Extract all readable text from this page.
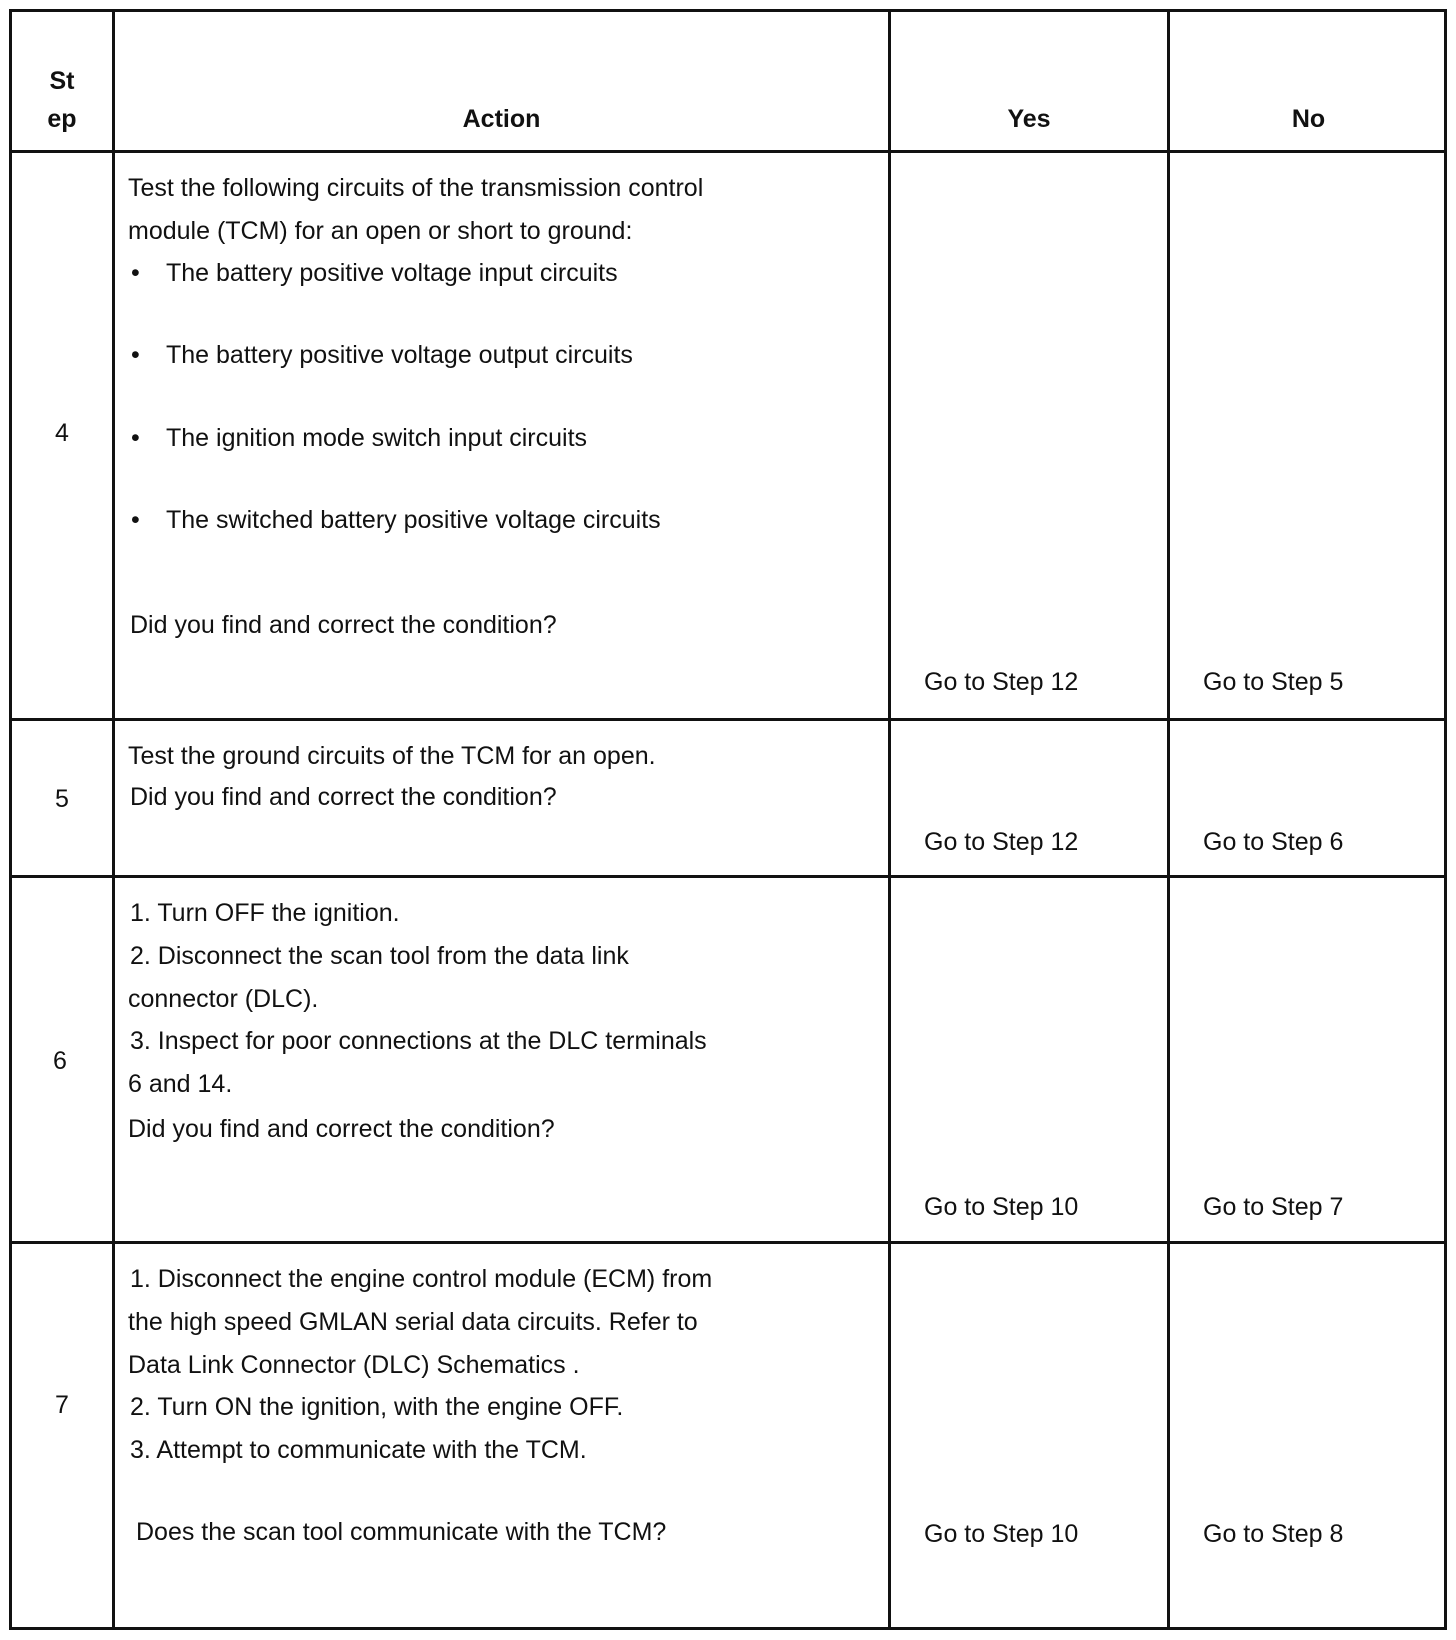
St
ep	Action	Yes	No
4
Test the following circuits of the transmission control
module (TCM) for an open or short to ground:
• The battery positive voltage input circuits
• The battery positive voltage output circuits
• The ignition mode switch input circuits
• The switched battery positive voltage circuits
Did you find and correct the condition?
Go to Step 12	Go to Step 5
5
Test the ground circuits of the TCM for an open.
Did you find and correct the condition?
Go to Step 12	Go to Step 6
6
1. Turn OFF the ignition.
2. Disconnect the scan tool from the data link
connector (DLC).
3. Inspect for poor connections at the DLC terminals
6 and 14.
Did you find and correct the condition?
Go to Step 10	Go to Step 7
7
1. Disconnect the engine control module (ECM) from
the high speed GMLAN serial data circuits. Refer to
Data Link Connector (DLC) Schematics .
2. Turn ON the ignition, with the engine OFF.
3. Attempt to communicate with the TCM.
Does the scan tool communicate with the TCM?	Go to Step 10	Go to Step 8
